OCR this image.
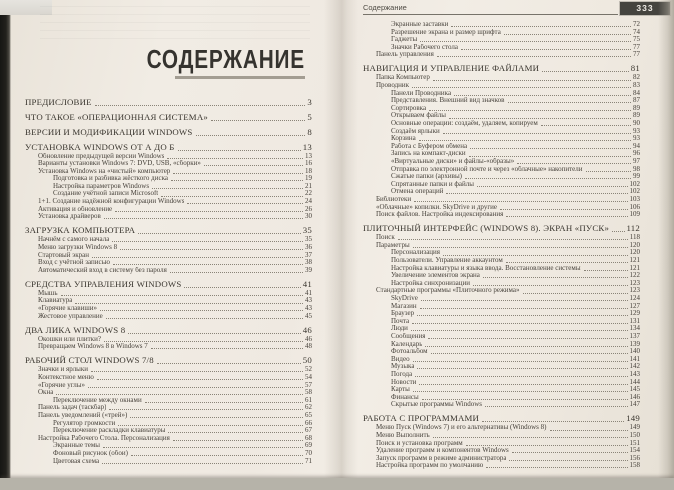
СОДЕРЖАНИЕ
ПРЕДИСЛОВИЕ	3
ЧТО ТАКОЕ «ОПЕРАЦИОННАЯ СИСТЕМА»	5
ВЕРСИИ И МОДИФИКАЦИИ WINDOWS	8
УСТАНОВКА WINDOWS ОТ А ДО Б	13
Обновление предыдущей версии Windows	13
Варианты установки Windows 7: DVD, USB, «сборки»	16
Установка Windows на «чистый» компьютер	18
Подготовка и разбивка жёсткого диска	19
Настройка параметров Windows	21
Создание учётной записи Microsoft	22
1+1. Создание надёжной конфигурации Windows	24
Активация и обновление	26
Установка драйверов	30
ЗАГРУЗКА КОМПЬЮТЕРА	35
Начнём с самого начала	35
Меню загрузки Windows 8	36
Стартовый экран	37
Вход с учётной записью	38
Автоматический вход в систему без пароля	39
СРЕДСТВА УПРАВЛЕНИЯ WINDOWS	41
Мышь	41
Клавиатура	43
«Горячие клавиши»	43
Жестовое управление	45
ДВА ЛИКА WINDOWS 8	46
Окошки или плитки?	46
Превращаем Windows 8 в Windows 7	48
РАБОЧИЙ СТОЛ WINDOWS 7/8	50
Значки и ярлыки	52
Контекстное меню	54
«Горячие углы»	57
Окна	58
Переключение между окнами	61
Панель задач (таскбар)	62
Панель уведомлений («трей»)	65
Регулятор громкости	66
Переключение раскладки клавиатуры	67
Настройка Рабочего Стола. Персонализация	68
Экранные темы	69
Фоновый рисунок (обои)	70
Цветовая схема	71
Содержание	333
Экранные заставки	72
Разрешение экрана и размер шрифта	74
Гаджеты	75
Значки Рабочего стола	77
Панель управления	77
НАВИГАЦИЯ И УПРАВЛЕНИЕ ФАЙЛАМИ	81
Папка Компьютер	82
Проводник	83
Панели Проводника	84
Представления. Внешний вид значков	87
Сортировка	89
Открываем файлы	89
Основные операции: создаём, удаляем, копируем	90
Создаём ярлыки	93
Корзина	93
Работа с Буфером обмена	94
Запись на компакт-диски	96
«Виртуальные диски» и файлы-«образы»	97
Отправка по электронной почте и через «облачные» накопители	98
Сжатые папки (архивы)	99
Спрятанные папки и файлы	102
Отмена операций	102
Библиотеки	103
«Облачные» копилки. SkyDrive и другие	106
Поиск файлов. Настройка индексирования	109
ПЛИТОЧНЫЙ ИНТЕРФЕЙС (WINDOWS 8). ЭКРАН «ПУСК» 112
Поиск	118
Параметры	120
Персонализация	120
Пользователи. Управление аккаунтом	121
Настройка клавиатуры и языка ввода. Восстановление системы	121
Увеличение элементов экрана	122
Настройка синхронизации	123
Стандартные программы «Плиточного режима»	123
SkyDrive	124
Магазин	127
Браузер	129
Почта	131
Люди	134
Сообщения	137
Календарь	139
Фотоальбом	140
Видео	141
Музыка	142
Погода	143
Новости	144
Карты	145
Финансы	146
Скрытые программы Windows	147
РАБОТА С ПРОГРАММАМИ	149
Меню Пуск (Windows 7) и его альтернативы (Windows 8)	149
Меню Выполнить	150
Поиск и установка программ	151
Удаление программ и компонентов Windows	154
Запуск программ в режиме администратора	156
Настройка программ по умолчанию	158
